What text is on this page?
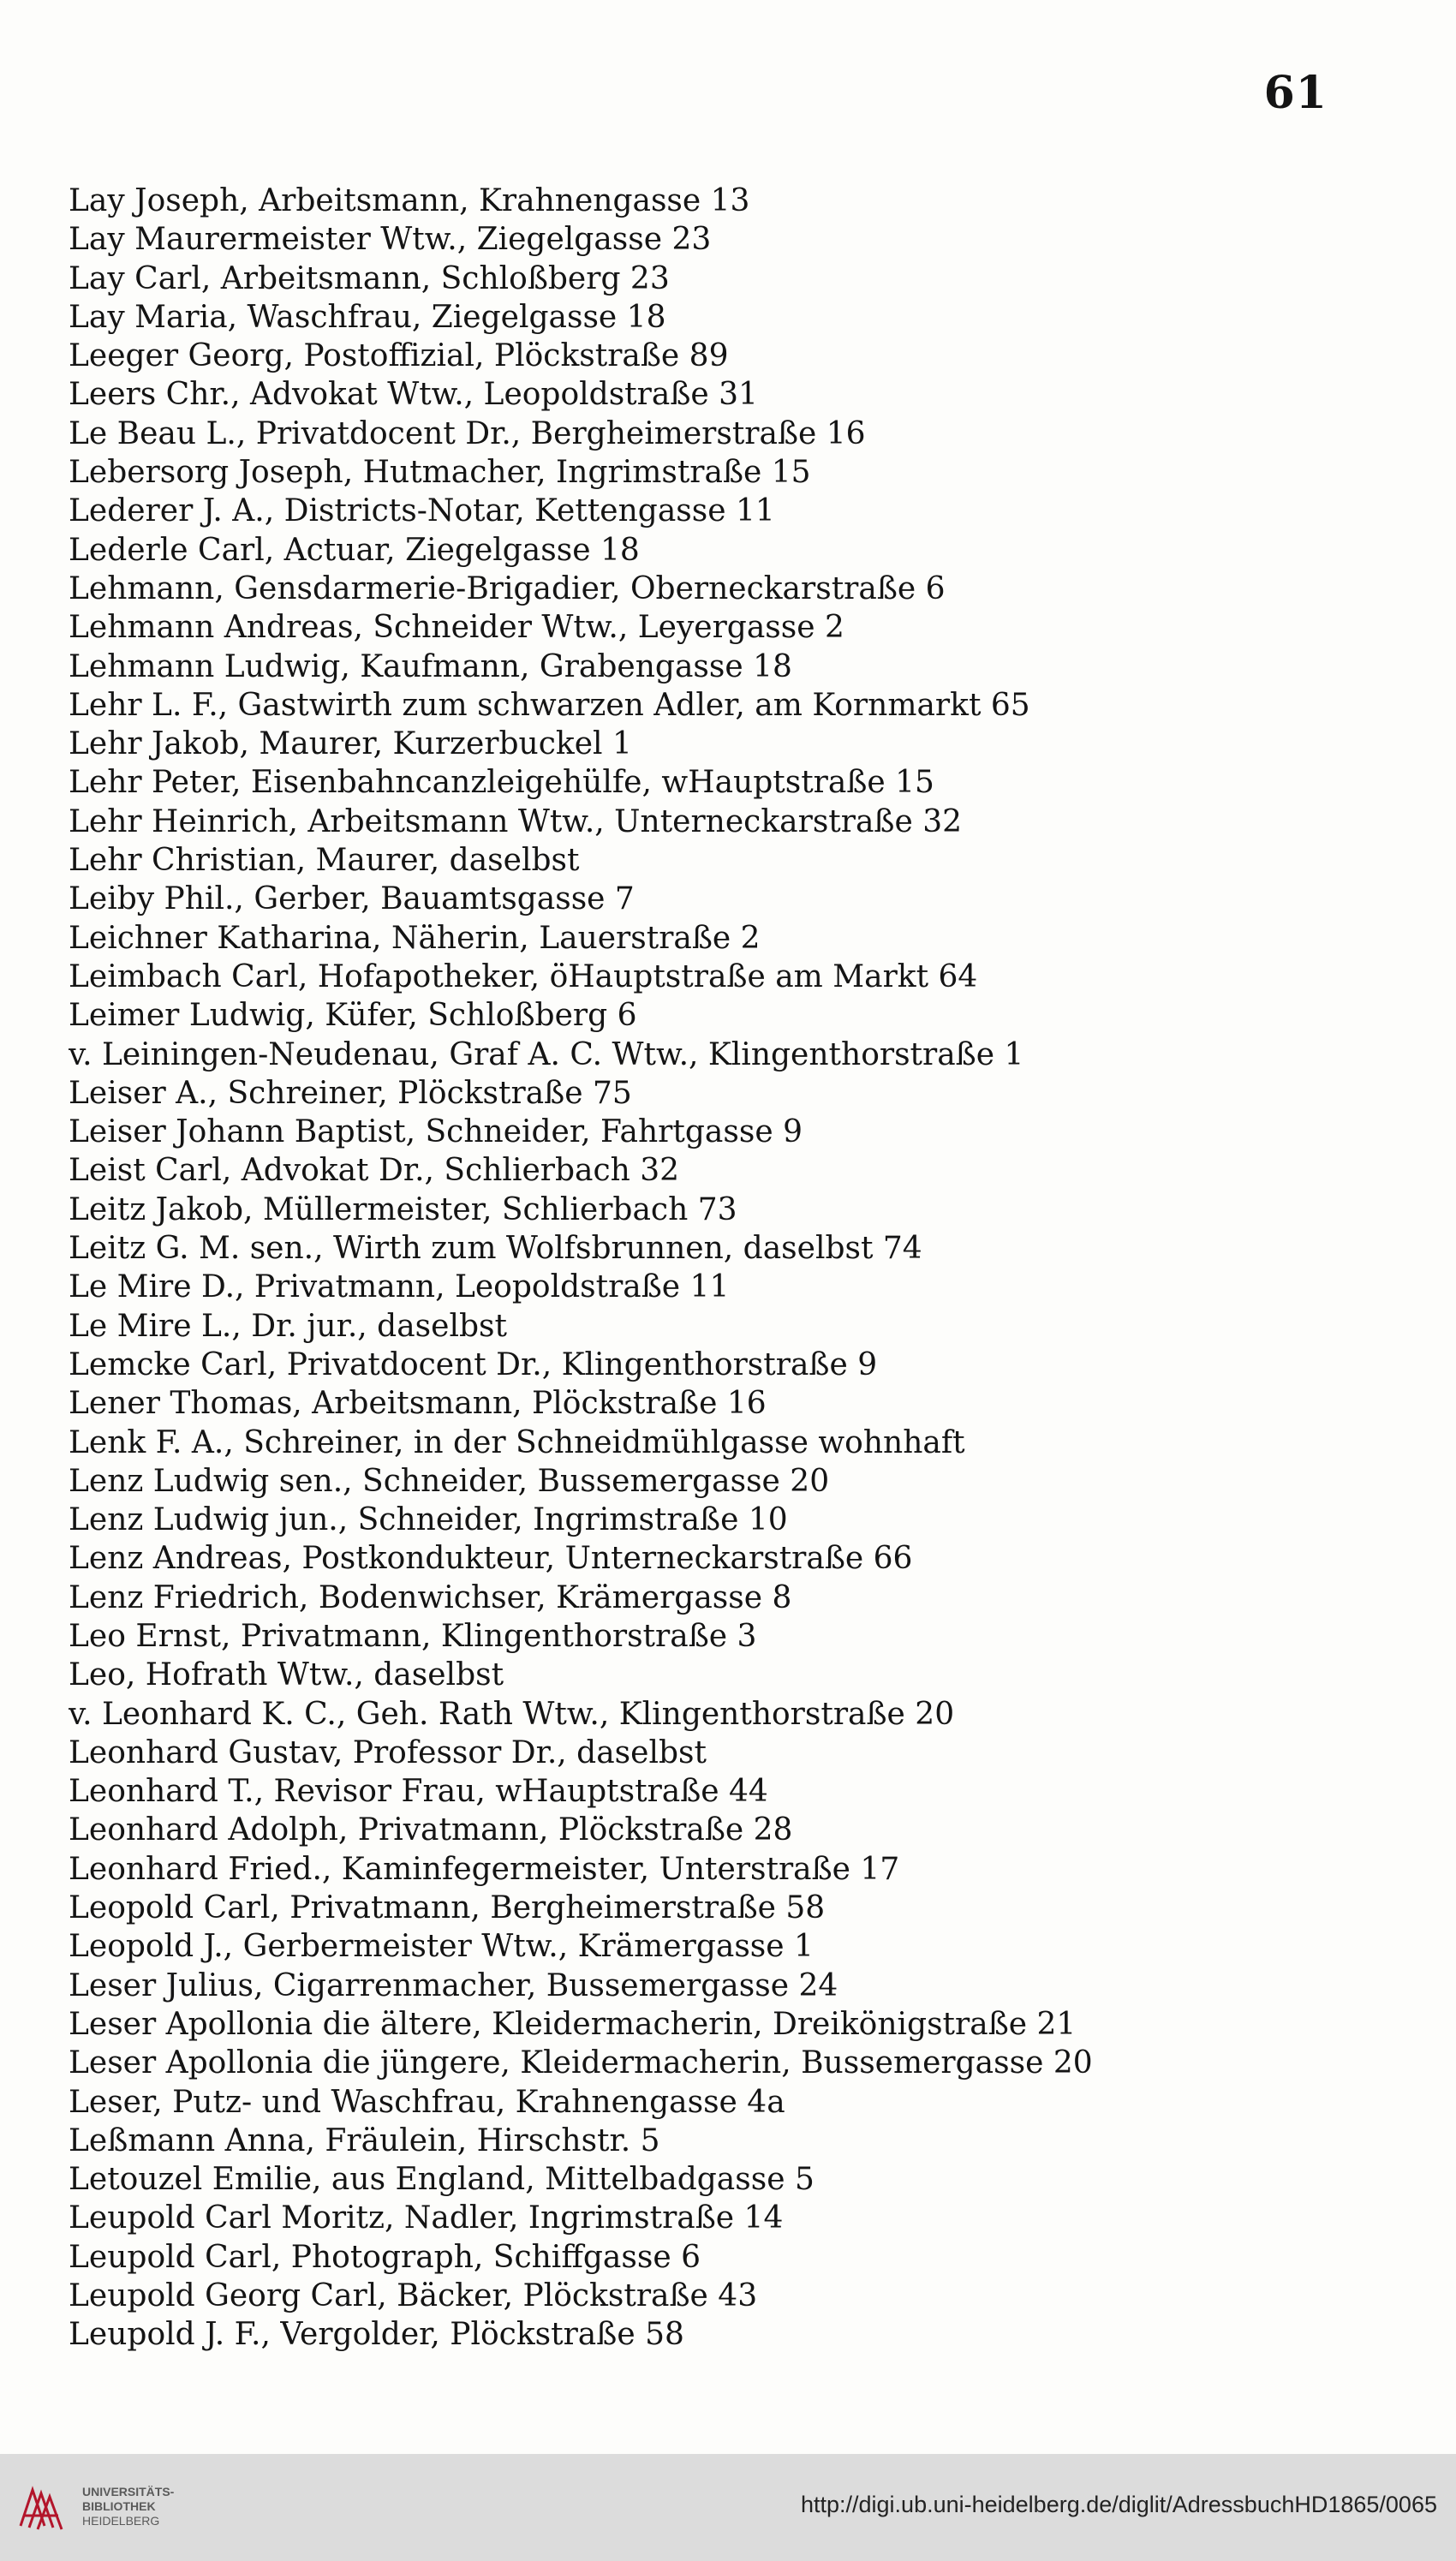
61
Lay Joseph, Arbeitsmann, Krahnengasse 13
Lay Maurermeister Wtw., Ziegelgasse 23
Lay Carl, Arbeitsmann, Schloßberg 23
Lay Maria, Waschfrau, Ziegelgasse 18
Leeger Georg, Postoffizial, Plöckstraße 89
Leers Chr., Advokat Wtw., Leopoldstraße 31
Le Beau L., Privatdocent Dr., Bergheimerstraße 16
Lebersorg Joseph, Hutmacher, Ingrimstraße 15
Lederer J. A., Districts-Notar, Kettengasse 11
Lederle Carl, Actuar, Ziegelgasse 18
Lehmann, Gensdarmerie-Brigadier, Oberneckarstraße 6
Lehmann Andreas, Schneider Wtw., Leyergasse 2
Lehmann Ludwig, Kaufmann, Grabengasse 18
Lehr L. F., Gastwirth zum schwarzen Adler, am Kornmarkt 65
Lehr Jakob, Maurer, Kurzerbuckel 1
Lehr Peter, Eisenbahncanzleigehülfe, wHauptstraße 15
Lehr Heinrich, Arbeitsmann Wtw., Unterneckarstraße 32
Lehr Christian, Maurer, daselbst
Leiby Phil., Gerber, Bauamtsgasse 7
Leichner Katharina, Näherin, Lauerstraße 2
Leimbach Carl, Hofapotheker, öHauptstraße am Markt 64
Leimer Ludwig, Küfer, Schloßberg 6
v. Leiningen-Neudenau, Graf A. C. Wtw., Klingenthorstraße 1
Leiser A., Schreiner, Plöckstraße 75
Leiser Johann Baptist, Schneider, Fahrtgasse 9
Leist Carl, Advokat Dr., Schlierbach 32
Leitz Jakob, Müllermeister, Schlierbach 73
Leitz G. M. sen., Wirth zum Wolfsbrunnen, daselbst 74
Le Mire D., Privatmann, Leopoldstraße 11
Le Mire L., Dr. jur., daselbst
Lemcke Carl, Privatdocent Dr., Klingenthorstraße 9
Lener Thomas, Arbeitsmann, Plöckstraße 16
Lenk F. A., Schreiner, in der Schneidmühlgasse wohnhaft
Lenz Ludwig sen., Schneider, Bussemergasse 20
Lenz Ludwig jun., Schneider, Ingrimstraße 10
Lenz Andreas, Postkondukteur, Unterneckarstraße 66
Lenz Friedrich, Bodenwichser, Krämergasse 8
Leo Ernst, Privatmann, Klingenthorstraße 3
Leo, Hofrath Wtw., daselbst
v. Leonhard K. C., Geh. Rath Wtw., Klingenthorstraße 20
Leonhard Gustav, Professor Dr., daselbst
Leonhard T., Revisor Frau, wHauptstraße 44
Leonhard Adolph, Privatmann, Plöckstraße 28
Leonhard Fried., Kaminfegermeister, Unterstraße 17
Leopold Carl, Privatmann, Bergheimerstraße 58
Leopold J., Gerbermeister Wtw., Krämergasse 1
Leser Julius, Cigarrenmacher, Bussemergasse 24
Leser Apollonia die ältere, Kleidermacherin, Dreikönigstraße 21
Leser Apollonia die jüngere, Kleidermacherin, Bussemergasse 20
Leser, Putz- und Waschfrau, Krahnengasse 4a
Leßmann Anna, Fräulein, Hirschstr. 5
Letouzel Emilie, aus England, Mittelbadgasse 5
Leupold Carl Moritz, Nadler, Ingrimstraße 14
Leupold Carl, Photograph, Schiffgasse 6
Leupold Georg Carl, Bäcker, Plöckstraße 43
Leupold J. F., Vergolder, Plöckstraße 58
UNIVERSITÄTS-
BIBLIOTHEK
HEIDELBERG
http://digi.ub.uni-heidelberg.de/diglit/AdressbuchHD1865/0065
